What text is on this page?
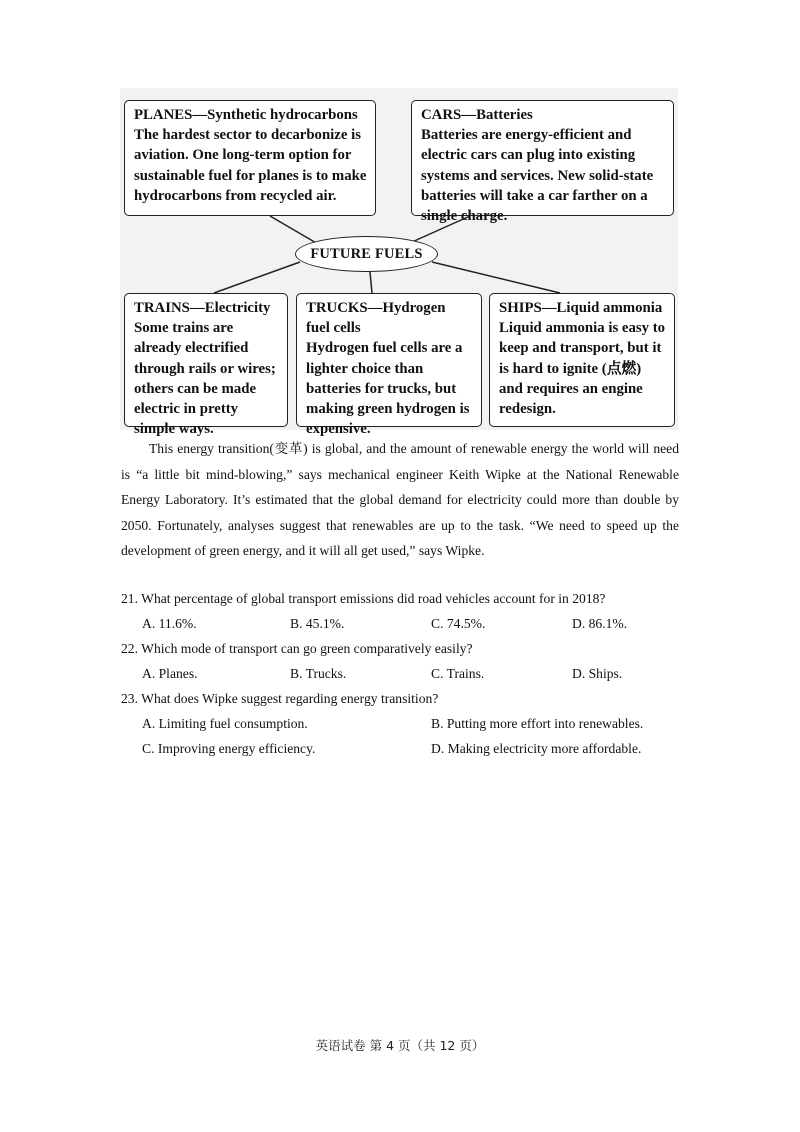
PLANES—Synthetic hydrocarbons
The hardest sector to decarbonize is aviation. One long-term option for sustainable fuel for planes is to make hydrocarbons from recycled air.
CARS—Batteries
Batteries are energy-efficient and electric cars can plug into existing systems and services. New solid-state batteries will take a car farther on a single charge.
FUTURE FUELS
TRAINS—Electricity
Some trains are already electrified through rails or wires; others can be made electric in pretty simple ways.
TRUCKS—Hydrogen fuel cells
Hydrogen fuel cells are a lighter choice than batteries for trucks, but making green hydrogen is expensive.
SHIPS—Liquid ammonia
Liquid ammonia is easy to keep and transport, but it is hard to ignite (点燃) and requires an engine redesign.
This energy transition(变革) is global, and the amount of renewable energy the world will need is “a little bit mind-blowing,” says mechanical engineer Keith Wipke at the National Renewable Energy Laboratory. It’s estimated that the global demand for electricity could more than double by 2050. Fortunately, analyses suggest that renewables are up to the task. “We need to speed up the development of green energy, and it will all get used,” says Wipke.
21. What percentage of global transport emissions did road vehicles account for in 2018?
A. 11.6%.	B. 45.1%.	C. 74.5%.	D. 86.1%.
22. Which mode of transport can go green comparatively easily?
A. Planes.	B. Trucks.	C. Trains.	D. Ships.
23. What does Wipke suggest regarding energy transition?
A. Limiting fuel consumption.	B. Putting more effort into renewables.
C. Improving energy efficiency.	D. Making electricity more affordable.
英语试卷 第 4 页（共 12 页）
